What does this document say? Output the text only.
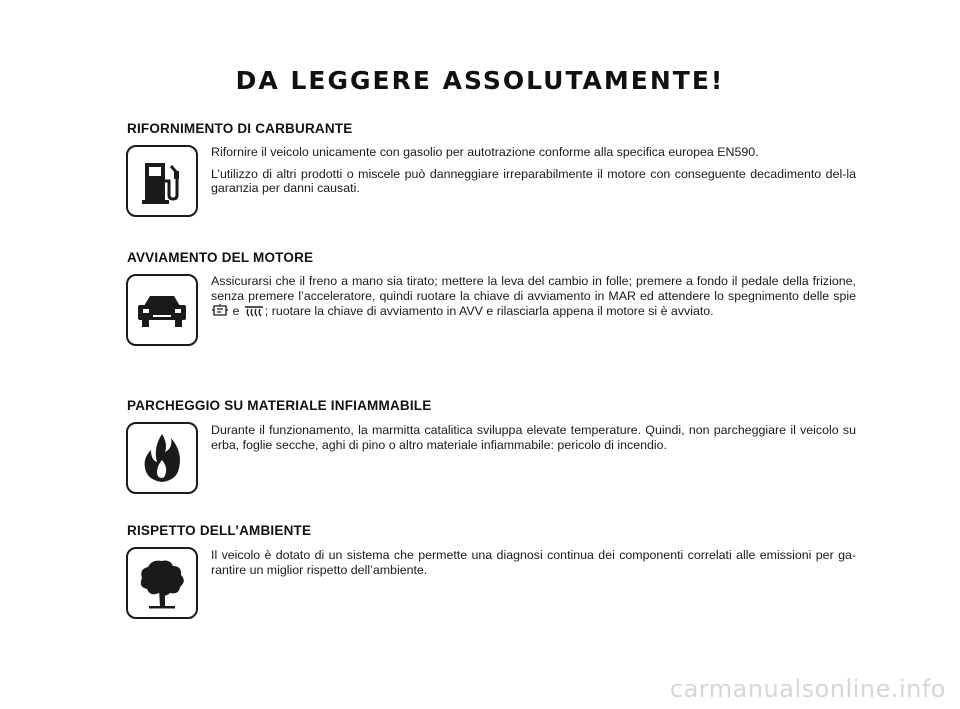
DA LEGGERE ASSOLUTAMENTE!
RIFORNIMENTO DI CARBURANTE

Rifornire il veicolo unicamente con gasolio per autotrazione conforme alla specifica europea EN590.

L’utilizzo di altri prodotti o miscele può danneggiare irreparabilmente il motore con conseguente decadimento del-la garanzia per danni causati.

AVVIAMENTO DEL MOTORE

Assicurarsi che il freno a mano sia tirato; mettere la leva del cambio in folle; premere a fondo il pedale della frizione, senza premere l’acceleratore, quindi ruotare la chiave di avviamento in MAR ed attendere lo spegnimento delle spie  e ; ruotare la chiave di avviamento in AVV e rilasciarla appena il motore si è avviato.

PARCHEGGIO SU MATERIALE INFIAMMABILE

Durante il funzionamento, la marmitta catalitica sviluppa elevate temperature. Quindi, non parcheggiare il veicolo su erba, foglie secche, aghi di pino o altro materiale infiammabile: pericolo di incendio.

RISPETTO DELL’AMBIENTE

Il veicolo è dotato di un sistema che permette una diagnosi continua dei componenti correlati alle emissioni per ga-rantire un miglior rispetto dell’ambiente.

carmanualsonline.info
